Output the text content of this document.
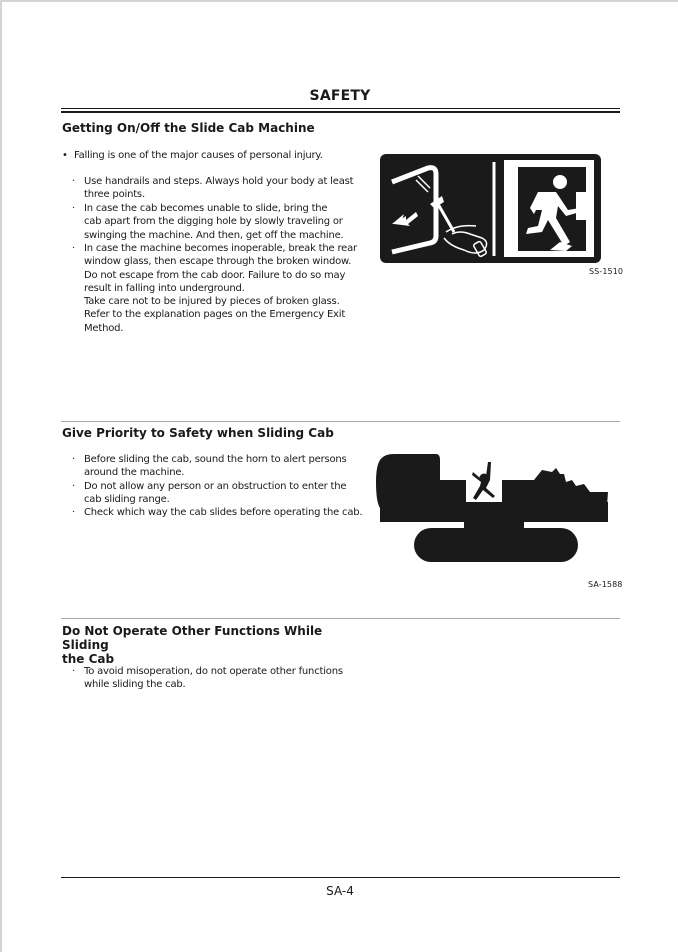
SAFETY
Getting On/Off the Slide Cab Machine
• Falling is one of the major causes of personal injury.
· Use handrails and steps. Always hold your body at least
three points.
· In case the cab becomes unable to slide, bring the
cab apart from the digging hole by slowly traveling or
swinging the machine. And then, get off the machine.
· In case the machine becomes inoperable, break the rear
window glass, then escape through the broken window.
Do not escape from the cab door. Failure to do so may
result in falling into underground.
Take care not to be injured by pieces of broken glass.
Refer to the explanation pages on the Emergency Exit
Method.
SS-1510
Give Priority to Safety when Sliding Cab
· Before sliding the cab, sound the horn to alert persons
around the machine.
· Do not allow any person or an obstruction to enter the
cab sliding range.
· Check which way the cab slides before operating the cab.
SA-1588
Do Not Operate Other Functions While Sliding
the Cab
· To avoid misoperation, do not operate other functions
while sliding the cab.
SA-4
